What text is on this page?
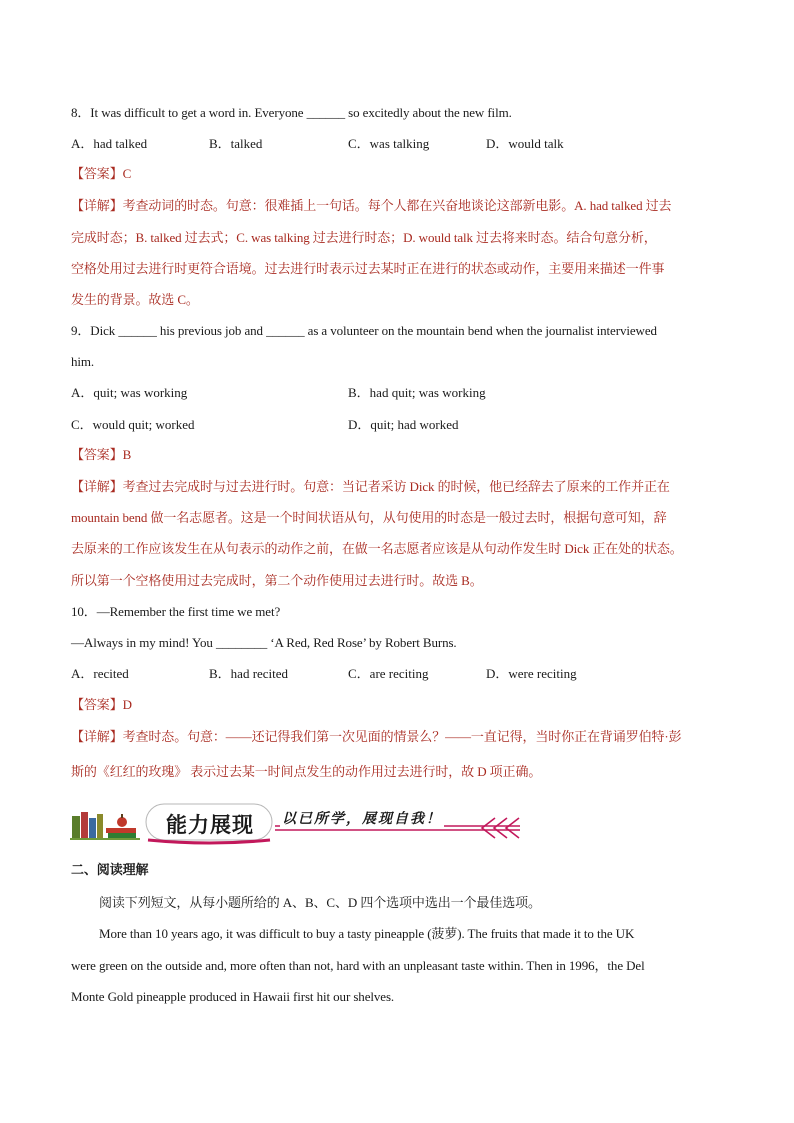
8．It was difficult to get a word in. Everyone ______ so excitedly about the new film.
A．had talked	B．talked	C．was talking	D．would talk
【答案】C
【详解】考查动词的时态。句意：很难插上一句话。每个人都在兴奋地谈论这部新电影。A. had talked 过去
完成时态；B. talked 过去式；C. was talking 过去进行时态；D. would talk 过去将来时态。结合句意分析，
空格处用过去进行时更符合语境。过去进行时表示过去某时正在进行的状态或动作，主要用来描述一件事
发生的背景。故选 C。
9．Dick ______ his previous job and ______ as a volunteer on the mountain bend when the journalist interviewed
him.
A．quit; was working	B．had quit; was working
C．would quit; worked	D．quit; had worked
【答案】B
【详解】考查过去完成时与过去进行时。句意：当记者采访 Dick 的时候，他已经辞去了原来的工作并正在
mountain bend 做一名志愿者。这是一个时间状语从句，从句使用的时态是一般过去时，根据句意可知，辞
去原来的工作应该发生在从句表示的动作之前，在做一名志愿者应该是从句动作发生时 Dick 正在处的状态。
所以第一个空格使用过去完成时，第二个动作使用过去进行时。故选 B。
10．—Remember the first time we met?
—Always in my mind! You ________ ‘A Red, Red Rose’ by Robert Burns.
A．recited	B．had recited	C．are reciting	D．were reciting
【答案】D
【详解】考查时态。句意：——还记得我们第一次见面的情景么？——一直记得，当时你正在背诵罗伯特·彭
斯的《红红的玫瑰》 表示过去某一时间点发生的动作用过去进行时，故 D 项正确。
能力展现	以已所学，展现自我！
二、阅读理解
阅读下列短文，从每小题所给的 A、B、C、D 四个选项中选出一个最佳选项。
More than 10 years ago, it was difficult to buy a tasty pineapple (菠萝). The fruits that made it to the UK
were green on the outside and, more often than not, hard with an unpleasant taste within. Then in 1996，the Del
Monte Gold pineapple produced in Hawaii first hit our shelves.
